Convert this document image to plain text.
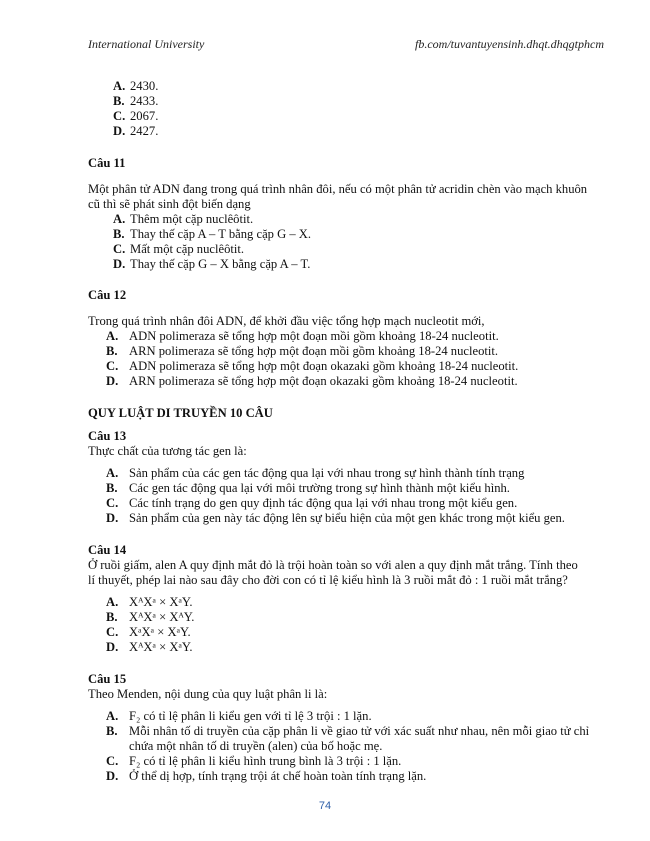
International University	fb.com/tuvantuyensinh.dhqt.dhqgtphcm
A. 2430.
B. 2433.
C. 2067.
D. 2427.
Câu 11
Một phân tử ADN đang trong quá trình nhân đôi, nếu có một phân tử acridin chèn vào mạch khuôn
cũ thì sẽ phát sinh đột biến dạng
A. Thêm một cặp nuclêôtit.
B. Thay thế cặp A – T bằng cặp G – X.
C. Mất một cặp nuclêôtit.
D. Thay thế cặp G – X bằng cặp A – T.
Câu 12
Trong quá trình nhân đôi ADN, để khởi đầu việc tổng hợp mạch nucleotit mới,
A. ADN polimeraza sẽ tổng hợp một đoạn mồi gồm khoảng 18-24 nucleotit.
B. ARN polimeraza sẽ tổng hợp một đoạn mồi gồm khoảng 18-24 nucleotit.
C. ADN polimeraza sẽ tổng hợp một đoạn okazaki gồm khoảng 18-24 nucleotit.
D. ARN polimeraza sẽ tổng hợp một đoạn okazaki gồm khoảng 18-24 nucleotit.
QUY LUẬT DI TRUYỀN 10 CÂU
Câu 13
Thực chất của tương tác gen là:
A. Sản phẩm của các gen tác động qua lại với nhau trong sự hình thành tính trạng
B. Các gen tác động qua lại với môi trường trong sự hình thành một kiểu hình.
C. Các tính trạng do gen quy định tác động qua lại với nhau trong một kiểu gen.
D. Sản phẩm của gen này tác động lên sự biểu hiện của một gen khác trong một kiểu gen.
Câu 14
Ở ruồi giấm, alen A quy định mắt đỏ là trội hoàn toàn so với alen a quy định mắt trắng. Tính theo
lí thuyết, phép lai nào sau đây cho đời con có tỉ lệ kiểu hình là 3 ruồi mắt đỏ : 1 ruồi mắt trắng?
A. XᴬXᵃ × XᵃY.
B. XᴬXᵃ × XᴬY.
C. XᵃXᵃ × XᵃY.
D. XᴬXᵃ × XᵃY.
Câu 15
Theo Menden, nội dung của quy luật phân li là:
A. F₂ có tỉ lệ phân li kiểu gen với tỉ lệ 3 trội : 1 lặn.
B. Mỗi nhân tố di truyền của cặp phân li về giao tử với xác suất như nhau, nên mỗi giao tử chỉ
chứa một nhân tố di truyền (alen) của bố hoặc mẹ.
C. F₂ có tỉ lệ phân li kiểu hình trung bình là 3 trội : 1 lặn.
D. Ở thể dị hợp, tính trạng trội át chế hoàn toàn tính trạng lặn.
74
